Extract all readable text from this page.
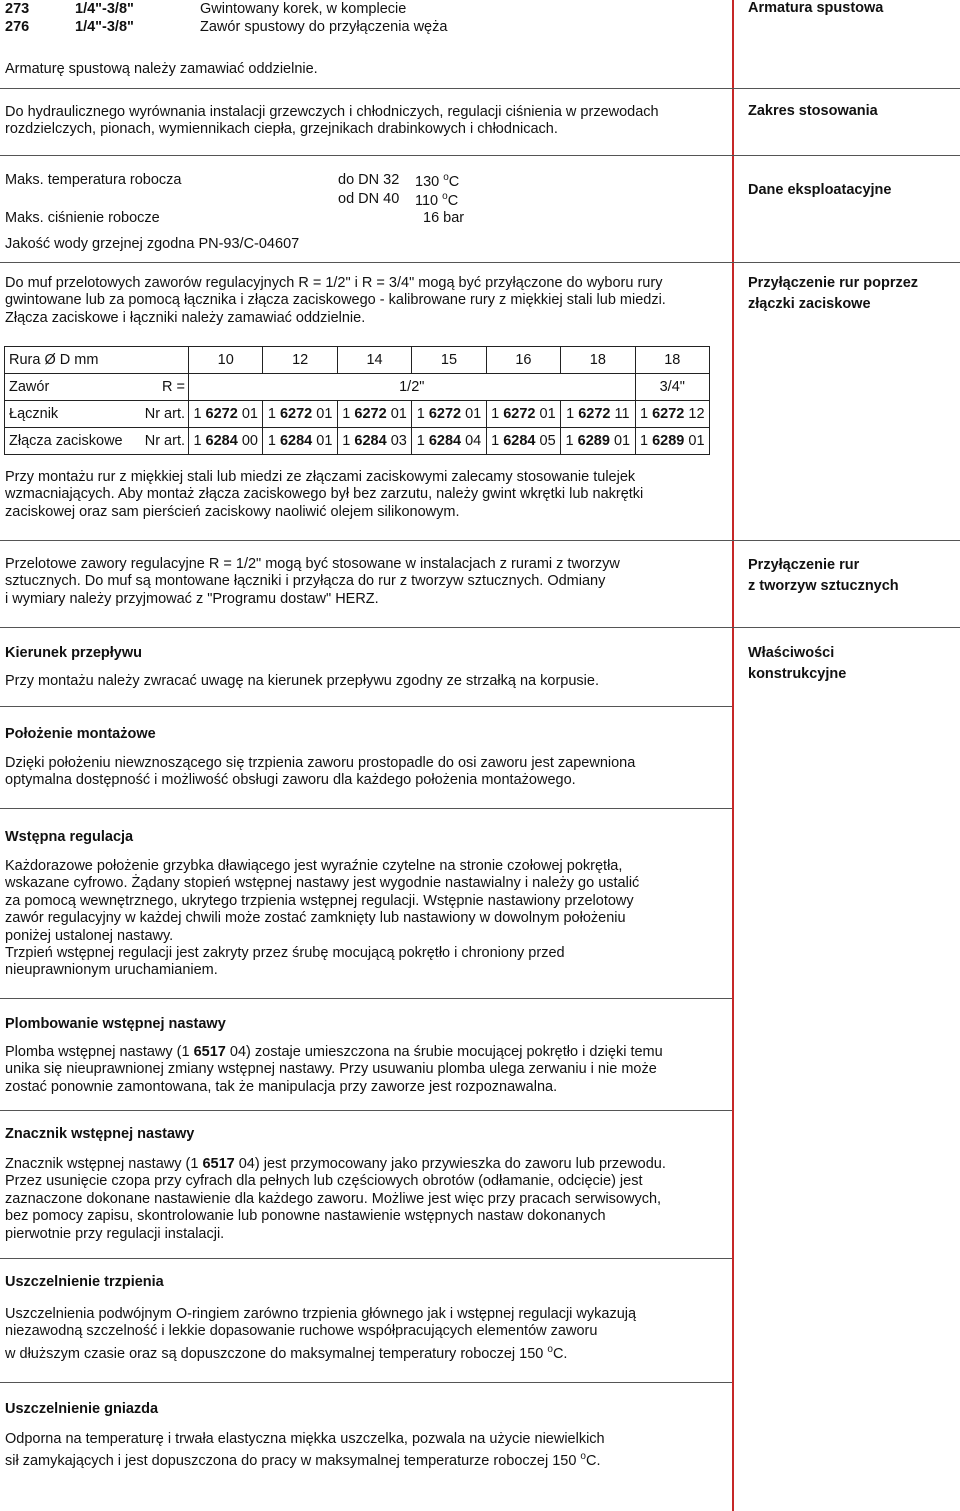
273	1/4"-3/8"	Gwintowany korek, w komplecie
276	1/4"-3/8"	Zawór spustowy do przyłączenia węża
Armatura spustowa
Armaturę spustową należy zamawiać oddzielnie.
Do hydraulicznego wyrównania instalacji grzewczych i chłodniczych, regulacji ciśnienia w przewodach
rozdzielczych, pionach, wymiennikach ciepła, grzejnikach drabinkowych i chłodnicach.
Zakres stosowania
Maks. temperatura robocza	do DN 32 130 $^o$C
od DN 40 110 $^o$C
Maks. ciśnienie robocze	16 bar
Jakość wody grzejnej zgodna PN-93/C-04607
Dane eksploatacyjne
Do muf przelotowych zaworów regulacyjnych R = 1/2" i R = 3/4" mogą być przyłączone do wyboru rury
gwintowane lub za pomocą łącznika i złącza zaciskowego - kalibrowane rury z miękkiej stali lub miedzi.
Złącza zaciskowe i łączniki należy zamawiać oddzielnie.
Przyłączenie rur poprzez
złączki zaciskowe
Rura Ø D mm		10	12	14	15	16	18	18
Zawór	R =	1/2"						3/4"
Łącznik	Nr art.	1 6272 01	1 6272 01	1 6272 01	1 6272 01	1 6272 01	1 6272 11	1 6272 12
Złącza zaciskowe	Nr art.	1 6284 00	1 6284 01	1 6284 03	1 6284 04	1 6284 05	1 6289 01	1 6289 01
Przy montażu rur z miękkiej stali lub miedzi ze złączami zaciskowymi zalecamy stosowanie tulejek
wzmacniających. Aby montaż złącza zaciskowego był bez zarzutu, należy gwint wkrętki lub nakrętki
zaciskowej oraz sam pierścień zaciskowy naoliwić olejem silikonowym.
Przelotowe zawory regulacyjne R = 1/2" mogą być stosowane w instalacjach z rurami z tworzyw
sztucznych. Do muf są montowane łączniki i przyłącza do rur z tworzyw sztucznych. Odmiany
i wymiary należy przyjmować z "Programu dostaw" HERZ.
Przyłączenie rur
z tworzyw sztucznych
Kierunek przepływu
Przy montażu należy zwracać uwagę na kierunek przepływu zgodny ze strzałką na korpusie.
Właściwości
konstrukcyjne
Położenie montażowe
Dzięki położeniu niewznoszącego się trzpienia zaworu prostopadle do osi zaworu jest zapewniona
optymalna dostępność i możliwość obsługi zaworu dla każdego położenia montażowego.
Wstępna regulacja
Każdorazowe położenie grzybka dławiącego jest wyraźnie czytelne na stronie czołowej pokrętła,
wskazane cyfrowo. Żądany stopień wstępnej nastawy jest wygodnie nastawialny i należy go ustalić
za pomocą wewnętrznego, ukrytego trzpienia wstępnej regulacji. Wstępnie nastawiony przelotowy
zawór regulacyjny w każdej chwili może zostać zamknięty lub nastawiony w dowolnym położeniu
poniżej ustalonej nastawy.
Trzpień wstępnej regulacji jest zakryty przez śrubę mocującą pokrętło i chroniony przed
nieuprawnionym uruchamianiem.
Plombowanie wstępnej nastawy
Plomba wstępnej nastawy (1 6517 04) zostaje umieszczona na śrubie mocującej pokrętło i dzięki temu
unika się nieuprawnionej zmiany wstępnej nastawy. Przy usuwaniu plomba ulega zerwaniu i nie może
zostać ponownie zamontowana, tak że manipulacja przy zaworze jest rozpoznawalna.
Znacznik wstępnej nastawy
Znacznik wstępnej nastawy (1 6517 04) jest przymocowany jako przywieszka do zaworu lub przewodu.
Przez usunięcie czopa przy cyfrach dla pełnych lub częściowych obrotów (odłamanie, odcięcie) jest
zaznaczone dokonane nastawienie dla każdego zaworu. Możliwe jest więc przy pracach serwisowych,
bez pomocy zapisu, skontrolowanie lub ponowne nastawienie wstępnych nastaw dokonanych
pierwotnie przy regulacji instalacji.
Uszczelnienie trzpienia
Uszczelnienia podwójnym O-ringiem zarówno trzpienia głównego jak i wstępnej regulacji wykazują
niezawodną szczelność i lekkie dopasowanie ruchowe współpracujących elementów zaworu
w dłuższym czasie oraz są dopuszczone do maksymalnej temperatury roboczej 150 $^o$C.
Uszczelnienie gniazda
Odporna na temperaturę i trwała elastyczna miękka uszczelka, pozwala na użycie niewielkich
sił zamykających i jest dopuszczona do pracy w maksymalnej temperaturze roboczej 150 $^o$C.
